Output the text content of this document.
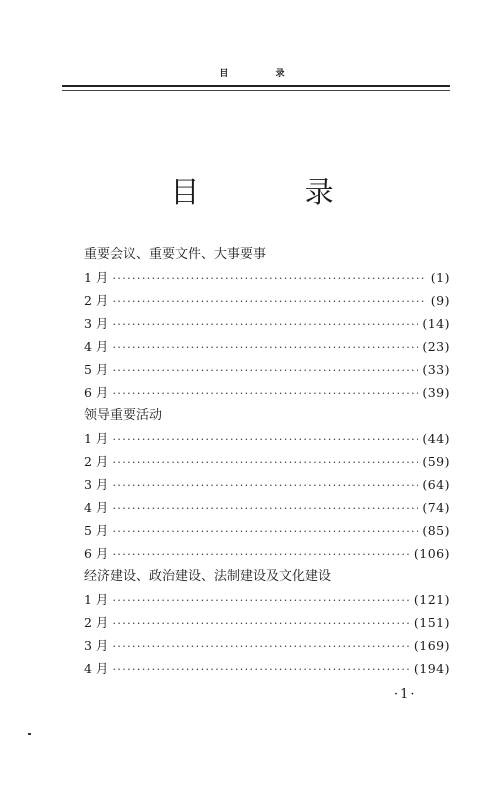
目 录
目 录
重要会议、重要文件、大事要事
1 月 ·····	(1)
2 月 ·····	(9)
3 月 ·····	(14)
4 月 ·····	(23)
5 月 ·····	(33)
6 月 ·····	(39)
领导重要活动
1 月 ·····	(44)
2 月 ·····	(59)
3 月 ·····	(64)
4 月 ·····	(74)
5 月 ·····	(85)
6 月 ·····	(106)
经济建设、政治建设、法制建设及文化建设
1 月 ·····	(121)
2 月 ·····	(151)
3 月 ·····	(169)
4 月 ·····	(194)
·1·
